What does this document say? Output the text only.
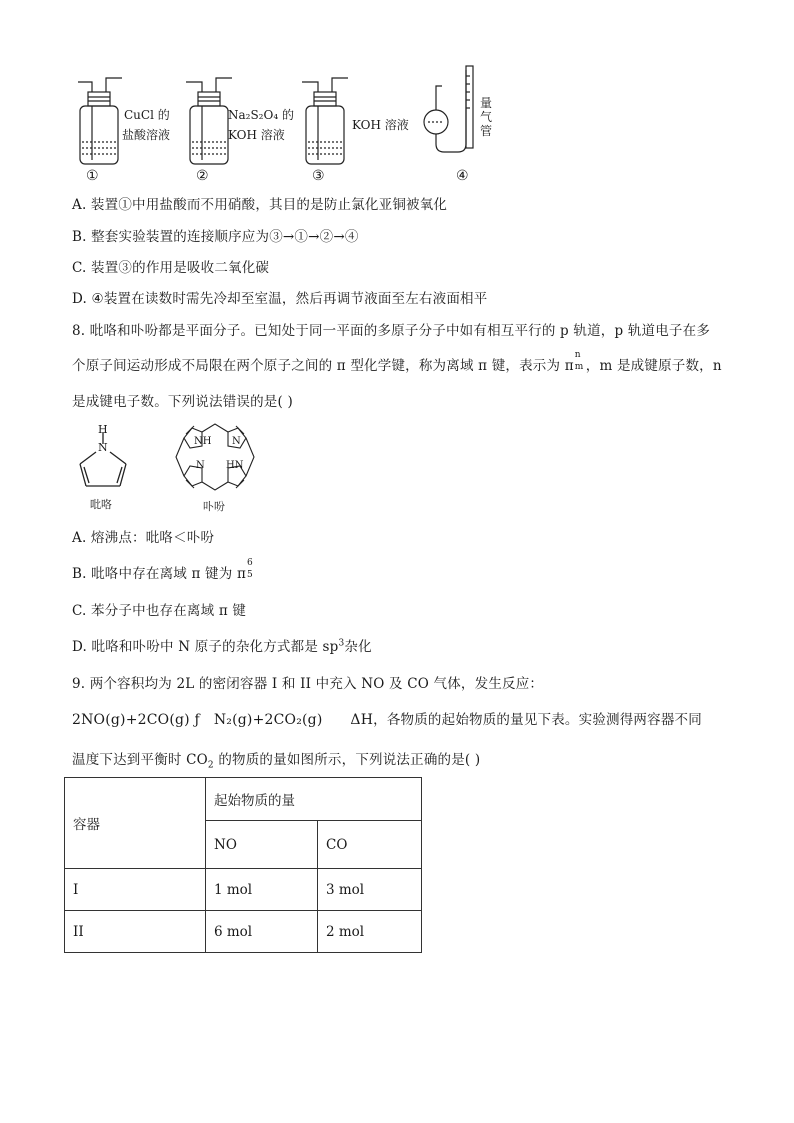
CuCl 的
盐酸溶液
Na₂S₂O₄ 的
KOH 溶液
KOH 溶液
量气管
①	②	③	④
A. 装置①中用盐酸而不用硝酸，其目的是防止氯化亚铜被氧化
B. 整套实验装置的连接顺序应为③→①→②→④
C. 装置③的作用是吸收二氧化碳
D. ④装置在读数时需先冷却至室温，然后再调节液面至左右液面相平
8. 吡咯和卟吩都是平面分子。已知处于同一平面的多原子分子中如有相互平行的 p 轨道，p 轨道电子在多
个原子间运动形成不局限在两个原子之间的 π 型化学键，称为离域 π 键，表示为 π
n
m ，m 是成键原子数，n
是成键电子数。下列说法错误的是( )
H
N
吡咯
NH N
N HN
卟吩
A. 熔沸点：吡咯＜卟吩
B. 吡咯中存在离域 π 键为 π
6
5
C. 苯分子中也存在离域 π 键
D. 吡咯和卟吩中 N 原子的杂化方式都是 $sp^3$杂化
9. 两个容积均为 2L 的密闭容器 I 和 II 中充入 NO 及 CO 气体，发生反应：
2NO(g)+2CO(g) ƒ   N₂(g)+2CO₂(g)      ΔH，各物质的起始物质的量见下表。实验测得两容器不同
温度下达到平衡时 $CO_2$ 的物质的量如图所示，下列说法正确的是( )
容器	起始物质的量	
	NO	CO
I	1 mol	3 mol
II	6 mol	2 mol
